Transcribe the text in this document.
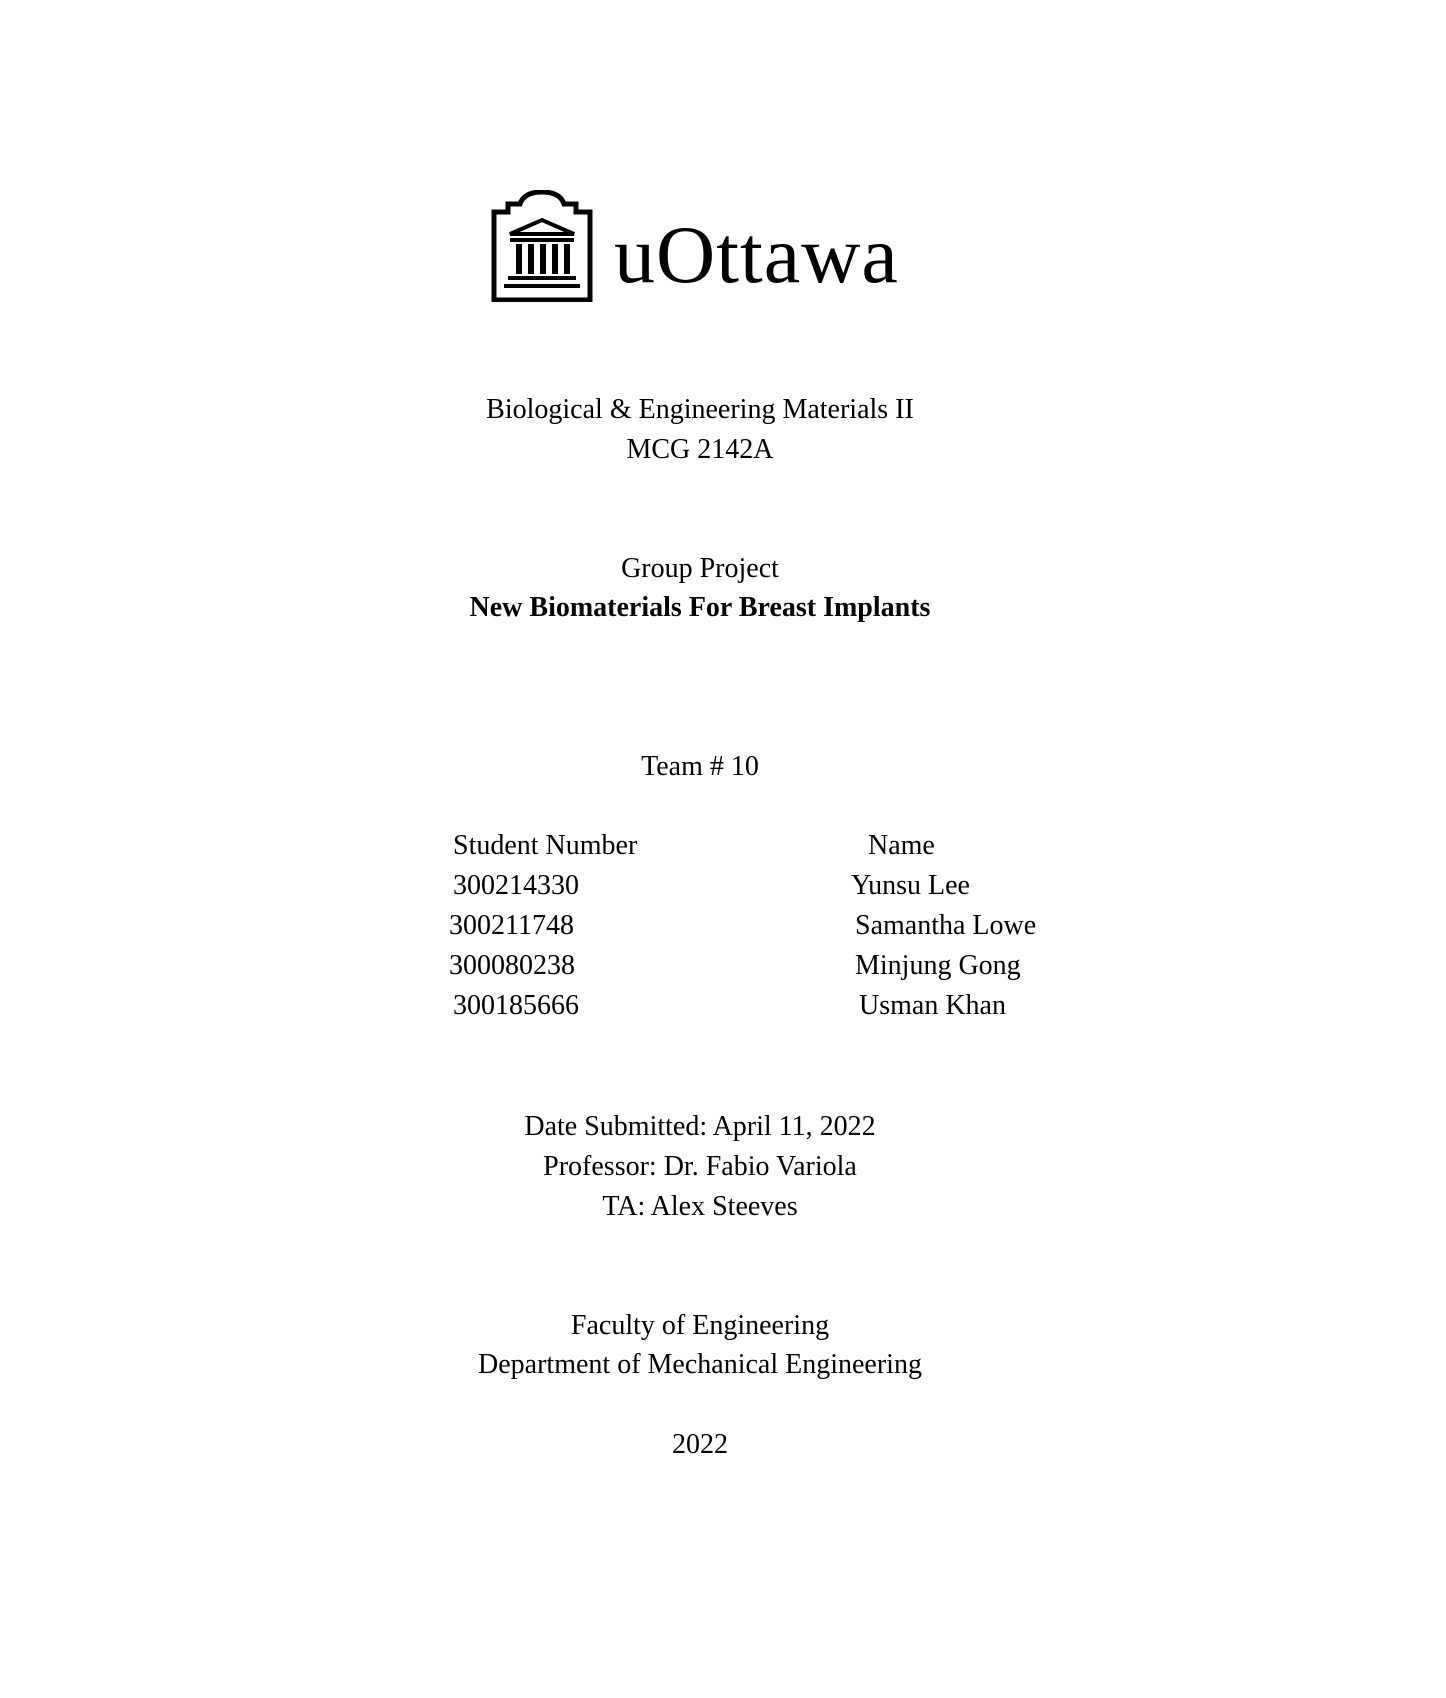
uOttawa
Biological & Engineering Materials II
MCG 2142A
Group Project
New Biomaterials For Breast Implants
Team # 10
Student Number	Name
300214330	Yunsu Lee
300211748	Samantha Lowe
300080238	Minjung Gong
300185666	Usman Khan
Date Submitted: April 11, 2022
Professor: Dr. Fabio Variola
TA: Alex Steeves
Faculty of Engineering
Department of Mechanical Engineering
2022
